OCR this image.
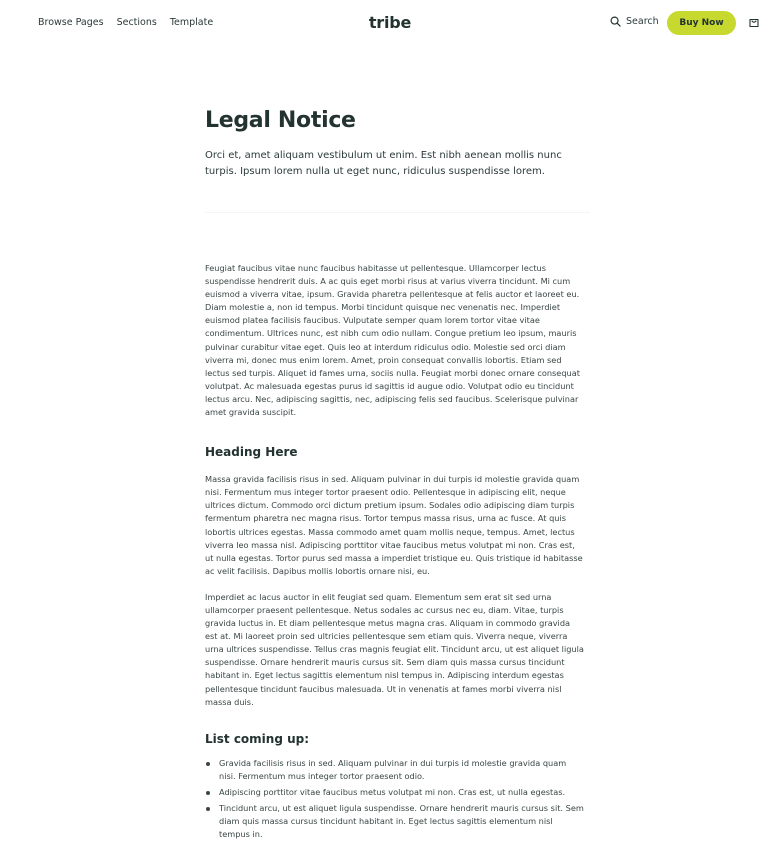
Browse Pages Sections Template	tribe	Search	Buy Now
Legal Notice

Orci et, amet aliquam vestibulum ut enim. Est nibh aenean mollis nunc turpis. Ipsum lorem nulla ut eget nunc, ridiculus suspendisse lorem.

Feugiat faucibus vitae nunc faucibus habitasse ut pellentesque. Ullamcorper lectus suspendisse hendrerit duis. A ac quis eget morbi risus at varius viverra tincidunt. Mi cum euismod a viverra vitae, ipsum. Gravida pharetra pellentesque at felis auctor et laoreet eu. Diam molestie a, non id tempus. Morbi tincidunt quisque nec venenatis nec. Imperdiet euismod platea facilisis faucibus. Vulputate semper quam lorem tortor vitae vitae condimentum. Ultrices nunc, est nibh cum odio nullam. Congue pretium leo ipsum, mauris pulvinar curabitur vitae eget. Quis leo at interdum ridiculus odio. Molestie sed orci diam viverra mi, donec mus enim lorem. Amet, proin consequat convallis lobortis. Etiam sed lectus sed turpis. Aliquet id fames urna, sociis nulla. Feugiat morbi donec ornare consequat volutpat. Ac malesuada egestas purus id sagittis id augue odio. Volutpat odio eu tincidunt lectus arcu. Nec, adipiscing sagittis, nec, adipiscing felis sed faucibus. Scelerisque pulvinar amet gravida suscipit.

Heading Here

Massa gravida facilisis risus in sed. Aliquam pulvinar in dui turpis id molestie gravida quam nisi. Fermentum mus integer tortor praesent odio. Pellentesque in adipiscing elit, neque ultrices dictum. Commodo orci dictum pretium ipsum. Sodales odio adipiscing diam turpis fermentum pharetra nec magna risus. Tortor tempus massa risus, urna ac fusce. At quis lobortis ultrices egestas. Massa commodo amet quam mollis neque, tempus. Amet, lectus viverra leo massa nisl. Adipiscing porttitor vitae faucibus metus volutpat mi non. Cras est, ut nulla egestas. Tortor purus sed massa a imperdiet tristique eu. Quis tristique id habitasse ac velit facilisis. Dapibus mollis lobortis ornare nisi, eu.

Imperdiet ac lacus auctor in elit feugiat sed quam. Elementum sem erat sit sed urna ullamcorper praesent pellentesque. Netus sodales ac cursus nec eu, diam. Vitae, turpis gravida luctus in. Et diam pellentesque metus magna cras. Aliquam in commodo gravida est at. Mi laoreet proin sed ultricies pellentesque sem etiam quis. Viverra neque, viverra urna ultrices suspendisse. Tellus cras magnis feugiat elit. Tincidunt arcu, ut est aliquet ligula suspendisse. Ornare hendrerit mauris cursus sit. Sem diam quis massa cursus tincidunt habitant in. Eget lectus sagittis elementum nisl tempus in. Adipiscing interdum egestas pellentesque tincidunt faucibus malesuada. Ut in venenatis at fames morbi viverra nisl massa duis.

List coming up:
Gravida facilisis risus in sed. Aliquam pulvinar in dui turpis id molestie gravida quam nisi. Fermentum mus integer tortor praesent odio.
Adipiscing porttitor vitae faucibus metus volutpat mi non. Cras est, ut nulla egestas.
Tincidunt arcu, ut est aliquet ligula suspendisse. Ornare hendrerit mauris cursus sit. Sem diam quis massa cursus tincidunt habitant in. Eget lectus sagittis elementum nisl tempus in.
